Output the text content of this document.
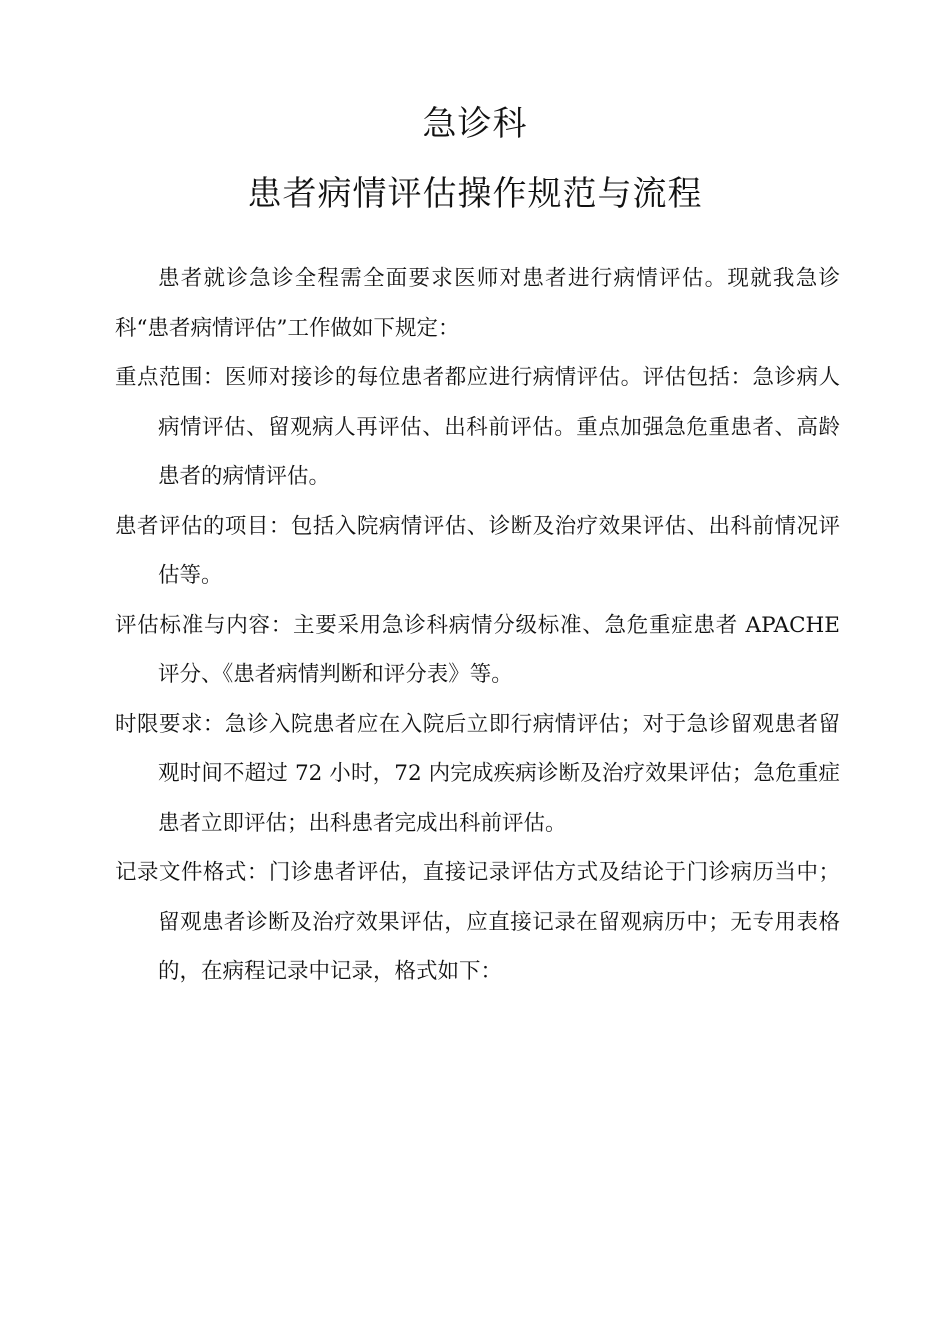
急诊科
患者病情评估操作规范与流程

患者就诊急诊全程需全面要求医师对患者进行病情评估。现就我急诊科“患者病情评估”工作做如下规定：

重点范围：医师对接诊的每位患者都应进行病情评估。评估包括：急诊病人病情评估、留观病人再评估、出科前评估。重点加强急危重患者、高龄患者的病情评估。

患者评估的项目：包括入院病情评估、诊断及治疗效果评估、出科前情况评估等。

评估标准与内容：主要采用急诊科病情分级标准、急危重症患者 APACHE 评分、《患者病情判断和评分表》等。

时限要求：急诊入院患者应在入院后立即行病情评估；对于急诊留观患者留观时间不超过 72 小时，72 内完成疾病诊断及治疗效果评估；急危重症患者立即评估；出科患者完成出科前评估。

记录文件格式：门诊患者评估，直接记录评估方式及结论于门诊病历当中；留观患者诊断及治疗效果评估，应直接记录在留观病历中；无专用表格的，在病程记录中记录，格式如下：
